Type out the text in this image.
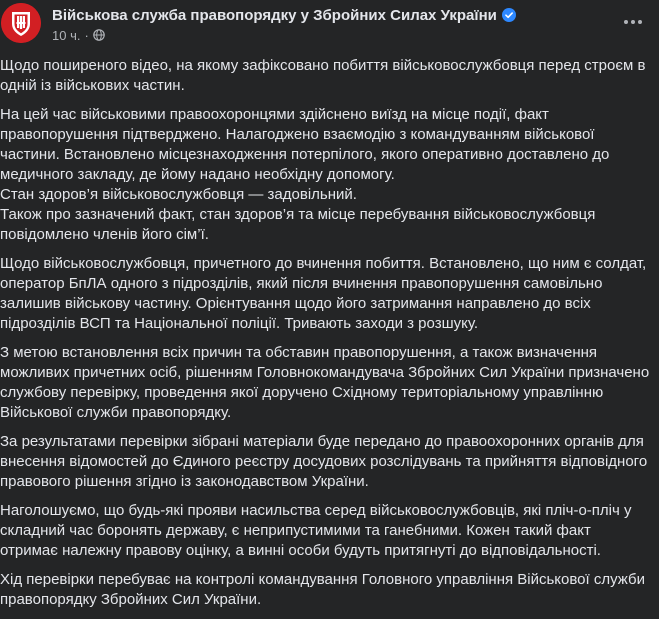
Військова служба правопорядку у Збройних Силах України
10 ч. ·

Щодо поширеного відео, на якому зафіксовано побиття військовослужбовця перед строєм в одній із військових частин.

На цей час військовими правоохоронцями здійснено виїзд на місце події, факт правопорушення підтверджено. Налагоджено взаємодію з командуванням військової частини. Встановлено місцезнаходження потерпілого, якого оперативно доставлено до медичного закладу, де йому надано необхідну допомогу.
Стан здоров’я військовослужбовця — задовільний.
Також про зазначений факт, стан здоров’я та місце перебування військовослужбовця повідомлено членів його сім’ї.

Щодо військовослужбовця, причетного до вчинення побиття. Встановлено, що ним є солдат, оператор БпЛА одного з підрозділів, який після вчинення правопорушення самовільно залишив військову частину. Орієнтування щодо його затримання направлено до всіх підрозділів ВСП та Національної поліції. Тривають заходи з розшуку.

З метою встановлення всіх причин та обставин правопорушення, а також визначення можливих причетних осіб, рішенням Головнокомандувача Збройних Сил України призначено службову перевірку, проведення якої доручено Східному територіальному управлінню Військової служби правопорядку.

За результатами перевірки зібрані матеріали буде передано до правоохоронних органів для внесення відомостей до Єдиного реєстру досудових розслідувань та прийняття відповідного правового рішення згідно із законодавством України.

Наголошуємо, що будь-які прояви насильства серед військовослужбовців, які пліч-о-пліч у складний час боронять державу, є неприпустимими та ганебними. Кожен такий факт отримає належну правову оцінку, а винні особи будуть притягнуті до відповідальності.

Хід перевірки перебуває на контролі командування Головного управління Військової служби правопорядку Збройних Сил України.
